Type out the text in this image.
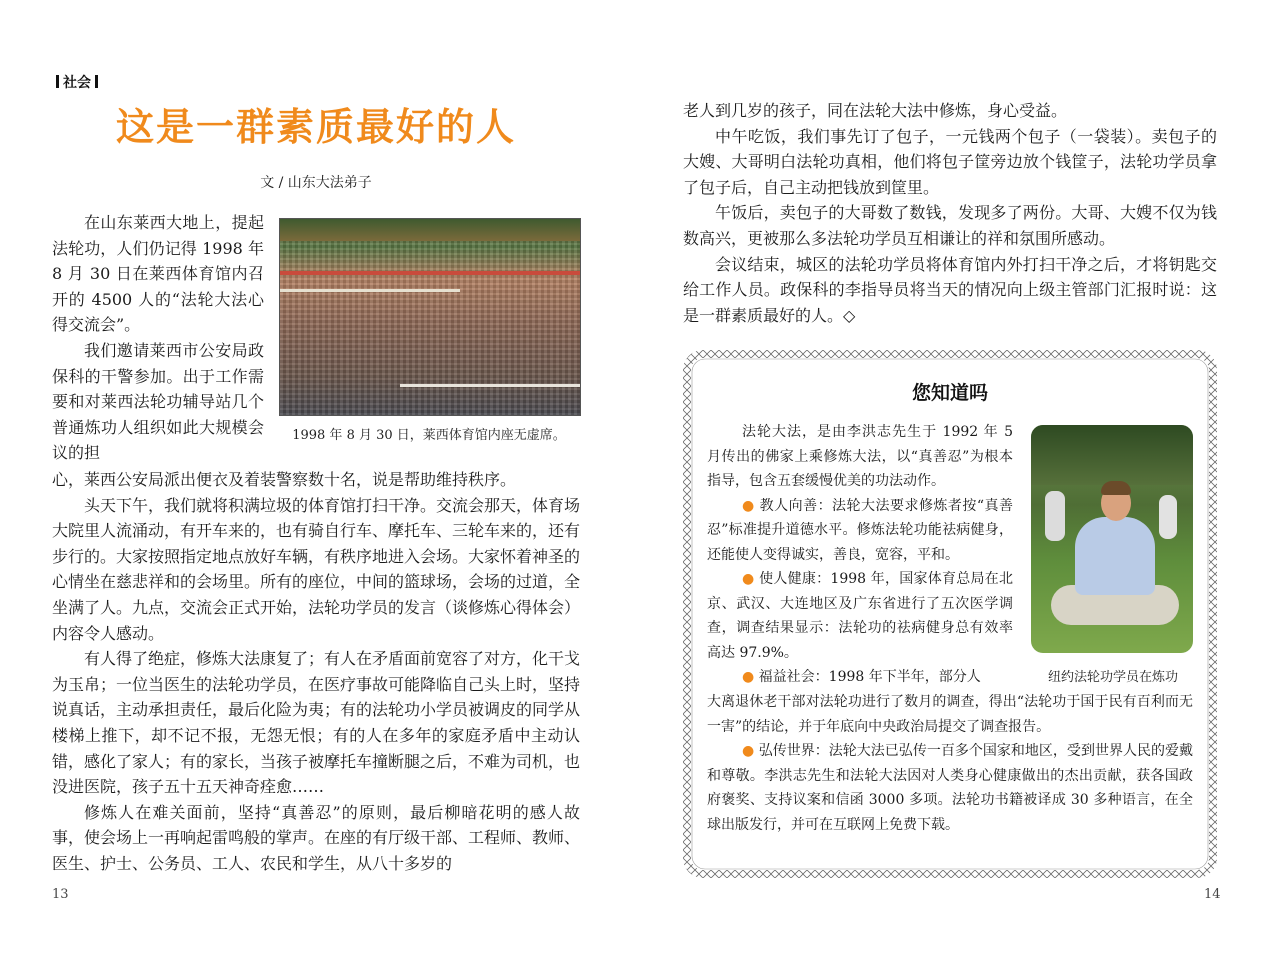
社会
这是一群素质最好的人
文 / 山东大法弟子

在山东莱西大地上，提起法轮功，人们仍记得 1998 年 8 月 30 日在莱西体育馆内召开的 4500 人的“法轮大法心得交流会”。

我们邀请莱西市公安局政保科的干警参加。出于工作需要和对莱西法轮功辅导站几个普通炼功人组织如此大规模会议的担

1998 年 8 月 30 日，莱西体育馆内座无虚席。

心，莱西公安局派出便衣及着装警察数十名，说是帮助维持秩序。

头天下午，我们就将积满垃圾的体育馆打扫干净。交流会那天，体育场大院里人流涌动，有开车来的，也有骑自行车、摩托车、三轮车来的，还有步行的。大家按照指定地点放好车辆，有秩序地进入会场。大家怀着神圣的心情坐在慈悲祥和的会场里。所有的座位，中间的篮球场，会场的过道，全坐满了人。九点，交流会正式开始，法轮功学员的发言（谈修炼心得体会）内容令人感动。

有人得了绝症，修炼大法康复了；有人在矛盾面前宽容了对方，化干戈为玉帛；一位当医生的法轮功学员，在医疗事故可能降临自己头上时，坚持说真话，主动承担责任，最后化险为夷；有的法轮功小学员被调皮的同学从楼梯上推下，却不记不报，无怨无恨；有的人在多年的家庭矛盾中主动认错，感化了家人；有的家长，当孩子被摩托车撞断腿之后，不难为司机，也没进医院，孩子五十五天神奇痊愈……

修炼人在难关面前，坚持“真善忍”的原则，最后柳暗花明的感人故事，使会场上一再响起雷鸣般的掌声。在座的有厅级干部、工程师、教师、医生、护士、公务员、工人、农民和学生，从八十多岁的

13

老人到几岁的孩子，同在法轮大法中修炼，身心受益。

中午吃饭，我们事先订了包子，一元钱两个包子（一袋装）。卖包子的大嫂、大哥明白法轮功真相，他们将包子筐旁边放个钱筐子，法轮功学员拿了包子后，自己主动把钱放到筐里。

午饭后，卖包子的大哥数了数钱，发现多了两份。大哥、大嫂不仅为钱数高兴，更被那么多法轮功学员互相谦让的祥和氛围所感动。

会议结束，城区的法轮功学员将体育馆内外打扫干净之后，才将钥匙交给工作人员。政保科的李指导员将当天的情况向上级主管部门汇报时说：这是一群素质最好的人。◇

您知道吗

法轮大法，是由李洪志先生于 1992 年 5 月传出的佛家上乘修炼大法，以“真善忍”为根本指导，包含五套缓慢优美的功法动作。

● 教人向善：法轮大法要求修炼者按“真善忍”标准提升道德水平。修炼法轮功能祛病健身，还能使人变得诚实，善良，宽容，平和。

● 使人健康：1998 年，国家体育总局在北京、武汉、大连地区及广东省进行了五次医学调查，调查结果显示：法轮功的祛病健身总有效率高达 97.9%。

● 福益社会：1998 年下半年，部分人	纽约法轮功学员在炼功

大离退休老干部对法轮功进行了数月的调查，得出“法轮功于国于民有百利而无一害”的结论，并于年底向中央政治局提交了调查报告。

● 弘传世界：法轮大法已弘传一百多个国家和地区，受到世界人民的爱戴和尊敬。李洪志先生和法轮大法因对人类身心健康做出的杰出贡献，获各国政府褒奖、支持议案和信函 3000 多项。法轮功书籍被译成 30 多种语言，在全球出版发行，并可在互联网上免费下载。

14
